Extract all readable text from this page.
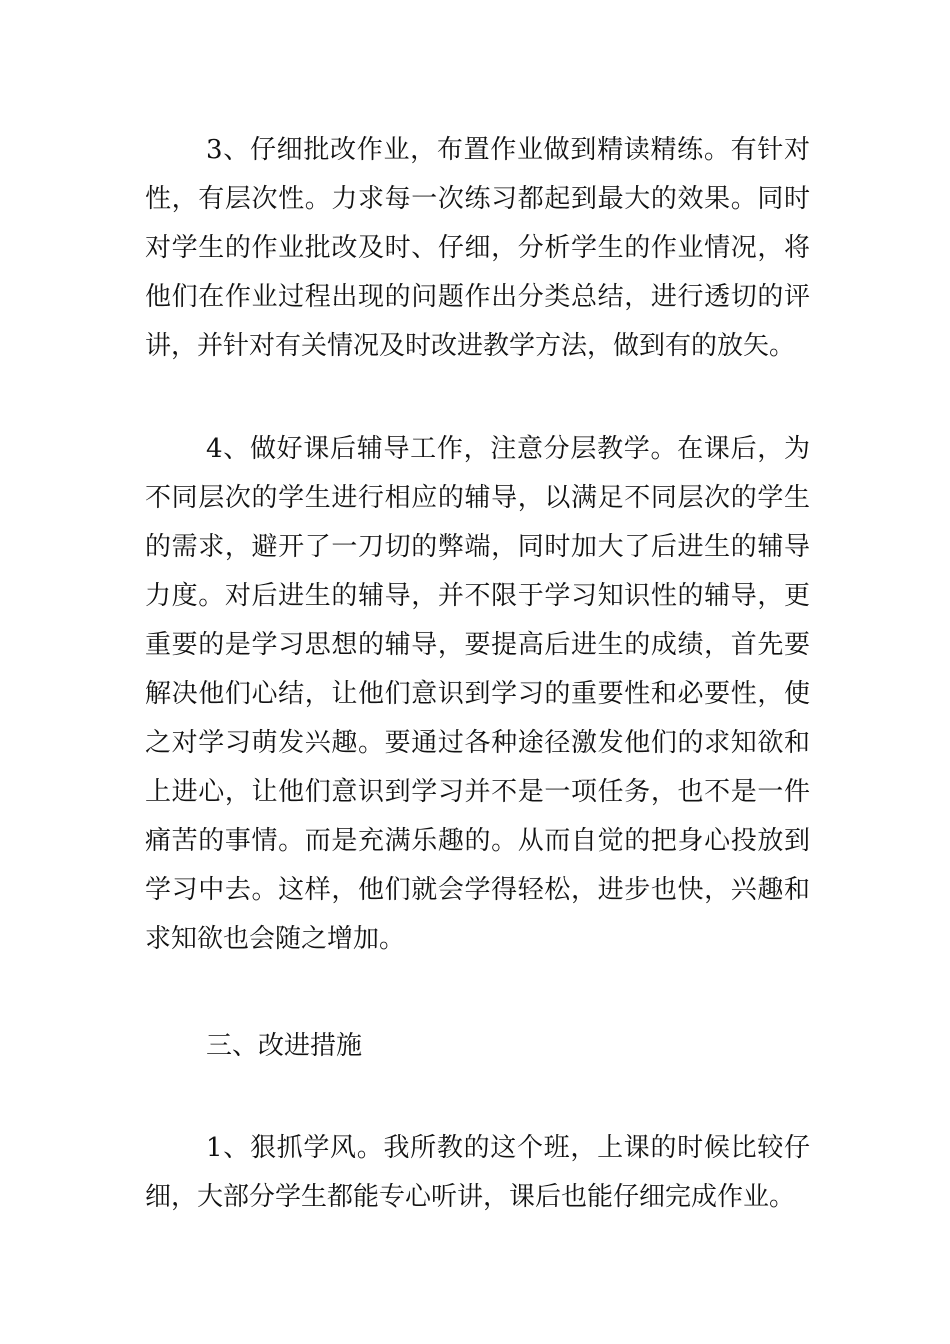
3、仔细批改作业，布置作业做到精读精练。有针对
性，有层次性。力求每一次练习都起到最大的效果。同时
对学生的作业批改及时、仔细，分析学生的作业情况，将
他们在作业过程出现的问题作出分类总结，进行透切的评
讲，并针对有关情况及时改进教学方法，做到有的放矢。
4、做好课后辅导工作，注意分层教学。在课后，为
不同层次的学生进行相应的辅导，以满足不同层次的学生
的需求，避开了一刀切的弊端，同时加大了后进生的辅导
力度。对后进生的辅导，并不限于学习知识性的辅导，更
重要的是学习思想的辅导，要提高后进生的成绩，首先要
解决他们心结，让他们意识到学习的重要性和必要性，使
之对学习萌发兴趣。要通过各种途径激发他们的求知欲和
上进心，让他们意识到学习并不是一项任务，也不是一件
痛苦的事情。而是充满乐趣的。从而自觉的把身心投放到
学习中去。这样，他们就会学得轻松，进步也快，兴趣和
求知欲也会随之增加。
三、改进措施
1、狠抓学风。我所教的这个班，上课的时候比较仔
细，大部分学生都能专心听讲，课后也能仔细完成作业。
